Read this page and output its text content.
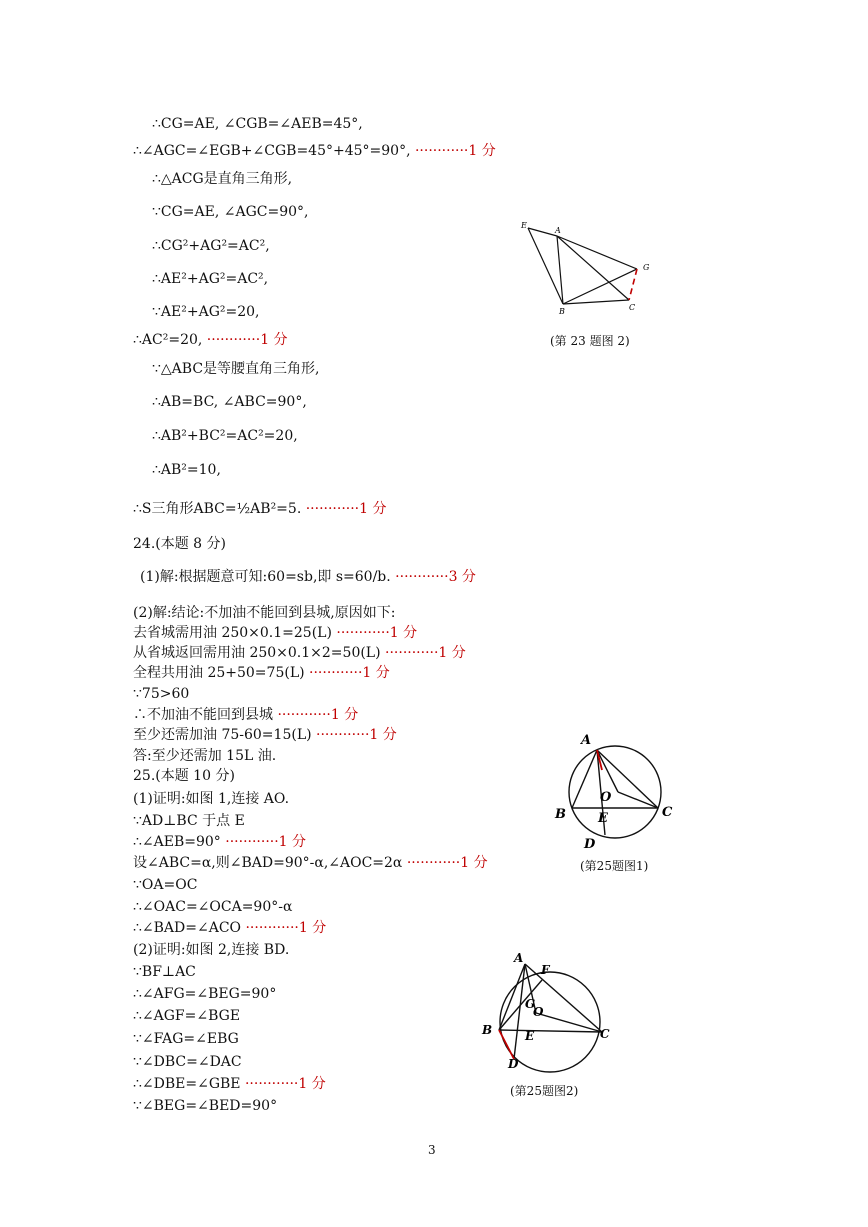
∴CG=AE, ∠CGB=∠AEB=45°,
∴∠AGC=∠EGB+∠CGB=45°+45°=90°, ············1 分
∴△ACG是直角三角形,
∵CG=AE, ∠AGC=90°,
∴CG²+AG²=AC²,
∴AE²+AG²=AC²,
∵AE²+AG²=20,
∴AC²=20, ············1 分
∵△ABC是等腰直角三角形,
∴AB=BC, ∠ABC=90°,
∴AB²+BC²=AC²=20,
∴AB²=10,
∴S三角形ABC=½AB²=5. ············1 分
24.(本题 8 分)
(1)解:根据题意可知:60=sb,即 s=60/b. ············3 分
(2)解:结论:不加油不能回到县城,原因如下:
去省城需用油 250×0.1=25(L) ············1 分
从省城返回需用油 250×0.1×2=50(L) ············1 分
全程共用油 25+50=75(L) ············1 分
∵75>60
∴不加油不能回到县城 ············1 分
至少还需加油 75-60=15(L) ············1 分
答:至少还需加 15L 油.
25.(本题 10 分)
(1)证明:如图 1,连接 AO.
∵AD⊥BC 于点 E
∴∠AEB=90° ············1 分
设∠ABC=α,则∠BAD=90°-α,∠AOC=2α ············1 分
∵OA=OC
∴∠OAC=∠OCA=90°-α
∴∠BAD=∠ACO ············1 分
(2)证明:如图 2,连接 BD.
∵BF⊥AC
∴∠AFG=∠BEG=90°
∴∠AGF=∠BGE
∵∠FAG=∠EBG
∵∠DBC=∠DAC
∴∠DBE=∠GBE ············1 分
∵∠BEG=∠BED=90°
E
A
G
B	C
(第 23 题图 2)
A
O
B E	C
D
(第25题图1)
A
F
G
O
B	E	C
D
(第25题图2)
3
